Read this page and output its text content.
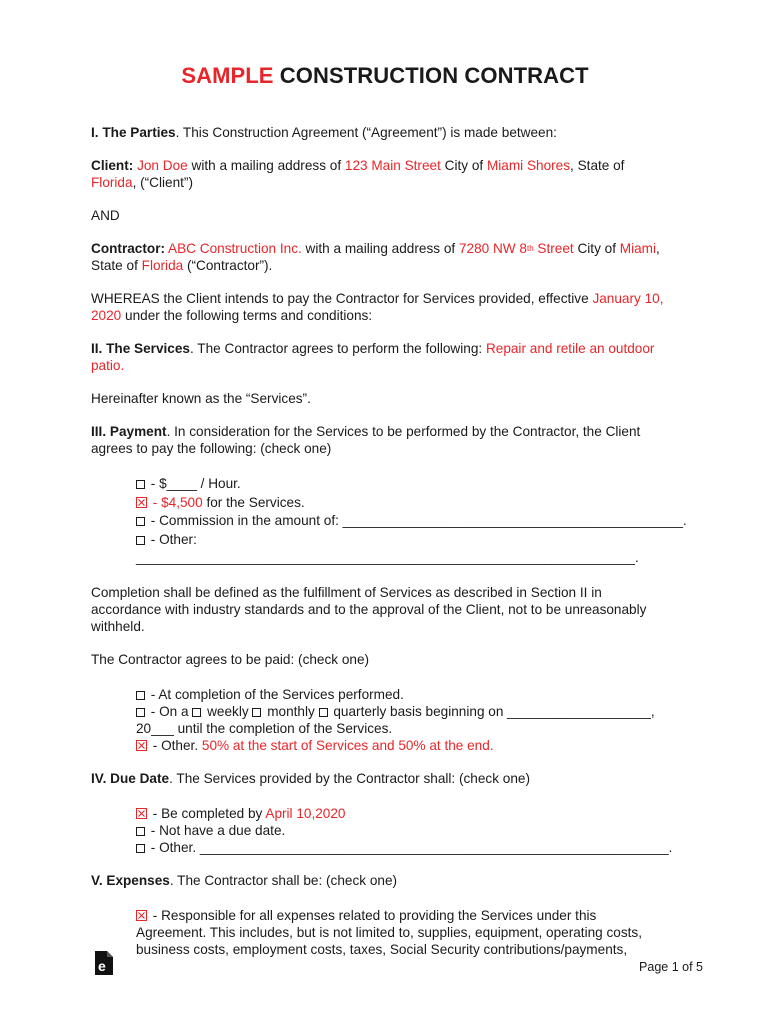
SAMPLE CONSTRUCTION CONTRACT

I. The Parties. This Construction Agreement (“Agreement”) is made between:

Client: Jon Doe with a mailing address of 123 Main Street City of Miami Shores, State of Florida, (“Client”)

AND

Contractor: ABC Construction Inc. with a mailing address of 7280 NW 8th Street City of Miami, State of Florida (“Contractor”).

WHEREAS the Client intends to pay the Contractor for Services provided, effective January 10, 2020 under the following terms and conditions:

II. The Services. The Contractor agrees to perform the following: Repair and retile an outdoor patio.

Hereinafter known as the “Services”.

III. Payment. In consideration for the Services to be performed by the Contractor, the Client agrees to pay the following: (check one)

- $____ / Hour.
- $4,500 for the Services.
- Commission in the amount of: _____________________________________________.
- Other: __________________________________________________________________.

Completion shall be defined as the fulfillment of Services as described in Section II in accordance with industry standards and to the approval of the Client, not to be unreasonably withheld.

The Contractor agrees to be paid: (check one)

- At completion of the Services performed.
- On a  weekly  monthly  quarterly basis beginning on ___________________, 20___ until the completion of the Services.
- Other. 50% at the start of Services and 50% at the end.

IV. Due Date. The Services provided by the Contractor shall: (check one)

- Be completed by April 10,2020
- Not have a due date.
- Other. ______________________________________________________________.

V. Expenses. The Contractor shall be: (check one)

- Responsible for all expenses related to providing the Services under this Agreement. This includes, but is not limited to, supplies, equipment, operating costs, business costs, employment costs, taxes, Social Security contributions/payments,
e	Page 1 of 5
